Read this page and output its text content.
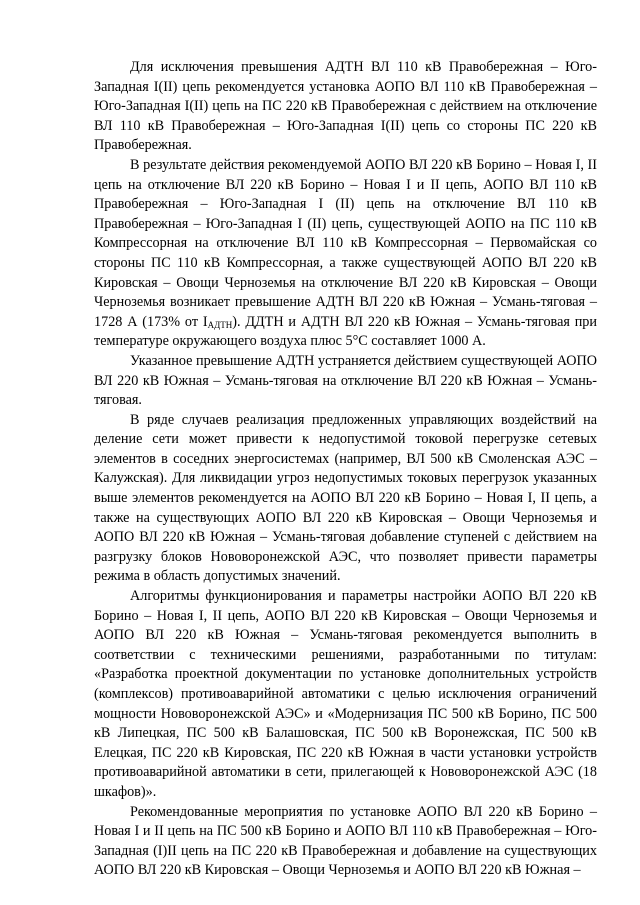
Для исключения превышения АДТН ВЛ 110 кВ Правобережная – Юго-Западная I(II) цепь рекомендуется установка АОПО ВЛ 110 кВ Правобережная – Юго-Западная I(II) цепь на ПС 220 кВ Правобережная с действием на отключение ВЛ 110 кВ Правобережная – Юго-Западная I(II) цепь со стороны ПС 220 кВ Правобережная.

В результате действия рекомендуемой АОПО ВЛ 220 кВ Борино – Новая I, II цепь на отключение ВЛ 220 кВ Борино – Новая I и II цепь, АОПО ВЛ 110 кВ Правобережная – Юго-Западная I (II) цепь на отключение ВЛ 110 кВ Правобережная – Юго-Западная I (II) цепь, существующей АОПО на ПС 110 кВ Компрессорная на отключение ВЛ 110 кВ Компрессорная – Первомайская со стороны ПС 110 кВ Компрессорная, а также существующей АОПО ВЛ 220 кВ Кировская – Овощи Черноземья на отключение ВЛ 220 кВ Кировская – Овощи Черноземья возникает превышение АДТН ВЛ 220 кВ Южная – Усмань-тяговая – 1728 А (173% от $I_{АДТН}$). ДДТН и АДТН ВЛ 220 кВ Южная – Усмань-тяговая при температуре окружающего воздуха плюс 5°С составляет 1000 А.

Указанное превышение АДТН устраняется действием существующей АОПО ВЛ 220 кВ Южная – Усмань-тяговая на отключение ВЛ 220 кВ Южная – Усмань-тяговая.

В ряде случаев реализация предложенных управляющих воздействий на деление сети может привести к недопустимой токовой перегрузке сетевых элементов в соседних энергосистемах (например, ВЛ 500 кВ Смоленская АЭС – Калужская). Для ликвидации угроз недопустимых токовых перегрузок указанных выше элементов рекомендуется на АОПО ВЛ 220 кВ Борино – Новая I, II цепь, а также на существующих АОПО ВЛ 220 кВ Кировская – Овощи Черноземья и АОПО ВЛ 220 кВ Южная – Усмань-тяговая добавление ступеней с действием на разгрузку блоков Нововоронежской АЭС, что позволяет привести параметры режима в область допустимых значений.

Алгоритмы функционирования и параметры настройки АОПО ВЛ 220 кВ Борино – Новая I, II цепь, АОПО ВЛ 220 кВ Кировская – Овощи Черноземья и АОПО ВЛ 220 кВ Южная – Усмань-тяговая рекомендуется выполнить в соответствии с техническими решениями, разработанными по титулам: «Разработка проектной документации по установке дополнительных устройств (комплексов) противоаварийной автоматики с целью исключения ограничений мощности Нововоронежской АЭС» и «Модернизация ПС 500 кВ Борино, ПС 500 кВ Липецкая, ПС 500 кВ Балашовская, ПС 500 кВ Воронежская, ПС 500 кВ Елецкая, ПС 220 кВ Кировская, ПС 220 кВ Южная в части установки устройств противоаварийной автоматики в сети, прилегающей к Нововоронежской АЭС (18 шкафов)».

Рекомендованные мероприятия по установке АОПО ВЛ 220 кВ Борино – Новая I и II цепь на ПС 500 кВ Борино и АОПО ВЛ 110 кВ Правобережная – Юго-Западная (I)II цепь на ПС 220 кВ Правобережная и добавление на существующих АОПО ВЛ 220 кВ Кировская – Овощи Черноземья и АОПО ВЛ 220 кВ Южная –
